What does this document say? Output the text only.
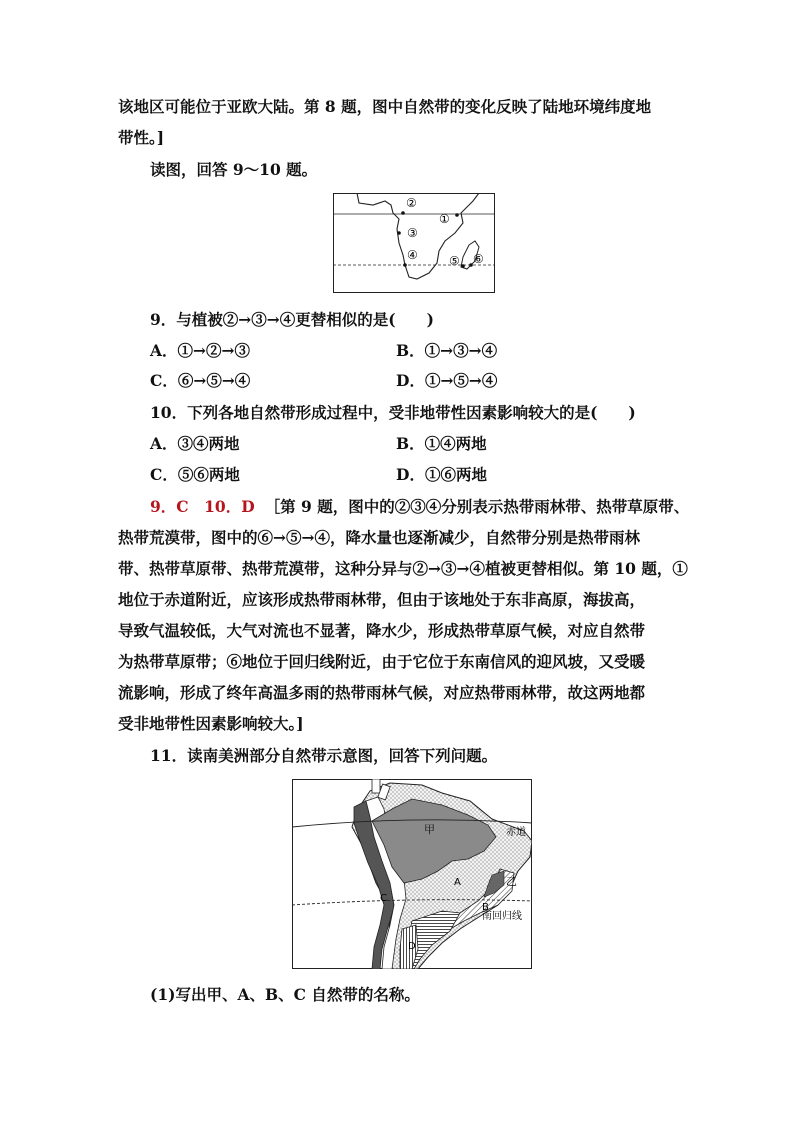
该地区可能位于亚欧大陆。第 8 题，图中自然带的变化反映了陆地环境纬度地
带性。]
读图，回答 9～10 题。
②
①
③
④	⑤ ⑥
9．与植被②→③→④更替相似的是(　　)
A．①→②→③	B．①→③→④
C．⑥→⑤→④	D．①→⑤→④
10．下列各地自然带形成过程中，受非地带性因素影响较大的是(　　)
A．③④两地	B．①④两地
C．⑤⑥两地	D．①⑥两地
9．C　10．D ［第 9 题，图中的②③④分别表示热带雨林带、热带草原带、
热带荒漠带，图中的⑥→⑤→④，降水量也逐渐减少，自然带分别是热带雨林
带、热带草原带、热带荒漠带，这种分异与②→③→④植被更替相似。第 10 题，①
地位于赤道附近，应该形成热带雨林带，但由于该地处于东非高原，海拔高，
导致气温较低，大气对流也不显著，降水少，形成热带草原气候，对应自然带
为热带草原带；⑥地位于回归线附近，由于它位于东南信风的迎风坡，又受暖
流影响，形成了终年高温多雨的热带雨林气候，对应热带雨林带，故这两地都
受非地带性因素影响较大。]
11．读南美洲部分自然带示意图，回答下列问题。
甲
A
B
C
D
乙
赤道
南回归线
(1)写出甲、A、B、C 自然带的名称。
